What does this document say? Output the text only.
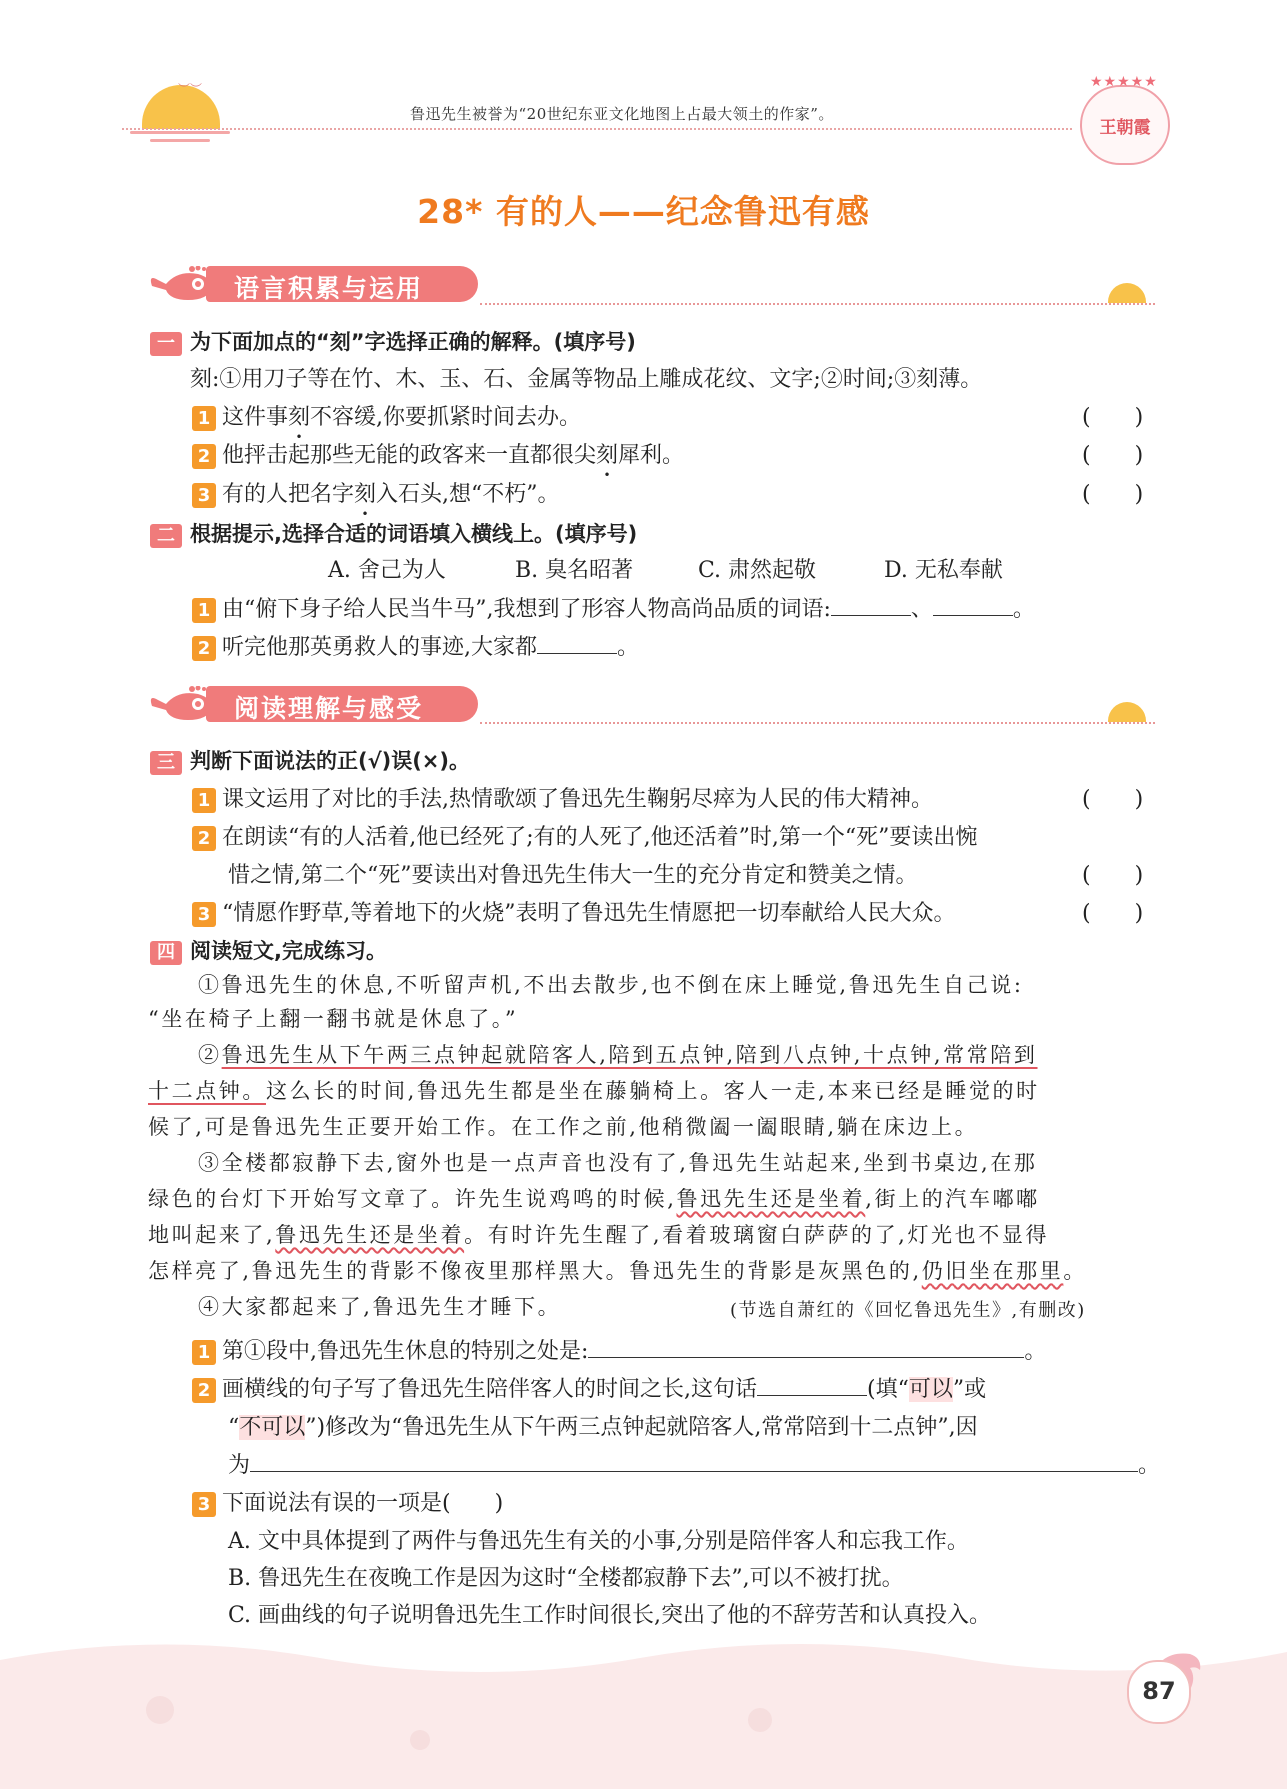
︶︶
鲁迅先生被誉为“20世纪东亚文化地图上占最大领土的作家”。
★★★★★
王朝霞
28* 有的人——纪念鲁迅有感
语言积累与运用
一 为下面加点的“刻”字选择正确的解释。(填序号)
刻:①用刀子等在竹、木、玉、石、金属等物品上雕成花纹、文字;②时间;③刻薄。
1 这件事刻不容缓,你要抓紧时间去办。	(　　)
2 他抨击起那些无能的政客来一直都很尖刻犀利。	(　　)
3 有的人把名字刻入石头,想“不朽”。	(　　)
二 根据提示,选择合适的词语填入横线上。(填序号)
A. 舍己为人	B. 臭名昭著	C. 肃然起敬	D. 无私奉献
1 由“俯下身子给人民当牛马”,我想到了形容人物高尚品质的词语:	、	。
2 听完他那英勇救人的事迹,大家都	。
阅读理解与感受
三 判断下面说法的正(√)误(×)。
1 课文运用了对比的手法,热情歌颂了鲁迅先生鞠躬尽瘁为人民的伟大精神。	(　　)
2 在朗读“有的人活着,他已经死了;有的人死了,他还活着”时,第一个“死”要读出惋
惜之情,第二个“死”要读出对鲁迅先生伟大一生的充分肯定和赞美之情。	(　　)
3 “情愿作野草,等着地下的火烧”表明了鲁迅先生情愿把一切奉献给人民大众。	(　　)
四 阅读短文,完成练习。
①鲁迅先生的休息,不听留声机,不出去散步,也不倒在床上睡觉,鲁迅先生自己说:
“坐在椅子上翻一翻书就是休息了。”
②鲁迅先生从下午两三点钟起就陪客人,陪到五点钟,陪到八点钟,十点钟,常常陪到
十二点钟。这么长的时间,鲁迅先生都是坐在藤躺椅上。客人一走,本来已经是睡觉的时
候了,可是鲁迅先生正要开始工作。在工作之前,他稍微阖一阖眼睛,躺在床边上。
③全楼都寂静下去,窗外也是一点声音也没有了,鲁迅先生站起来,坐到书桌边,在那
绿色的台灯下开始写文章了。许先生说鸡鸣的时候,鲁迅先生还是坐着,街上的汽车嘟嘟
地叫起来了,鲁迅先生还是坐着。有时许先生醒了,看着玻璃窗白萨萨的了,灯光也不显得
怎样亮了,鲁迅先生的背影不像夜里那样黑大。鲁迅先生的背影是灰黑色的,仍旧坐在那里。
④大家都起来了,鲁迅先生才睡下。	(节选自萧红的《回忆鲁迅先生》,有删改)
1 第①段中,鲁迅先生休息的特别之处是:	。
2 画横线的句子写了鲁迅先生陪伴客人的时间之长,这句话	(填“可以”或
“不可以”)修改为“鲁迅先生从下午两三点钟起就陪客人,常常陪到十二点钟”,因
为	。
3 下面说法有误的一项是(　　)
A. 文中具体提到了两件与鲁迅先生有关的小事,分别是陪伴客人和忘我工作。
B. 鲁迅先生在夜晚工作是因为这时“全楼都寂静下去”,可以不被打扰。
C. 画曲线的句子说明鲁迅先生工作时间很长,突出了他的不辞劳苦和认真投入。
87
